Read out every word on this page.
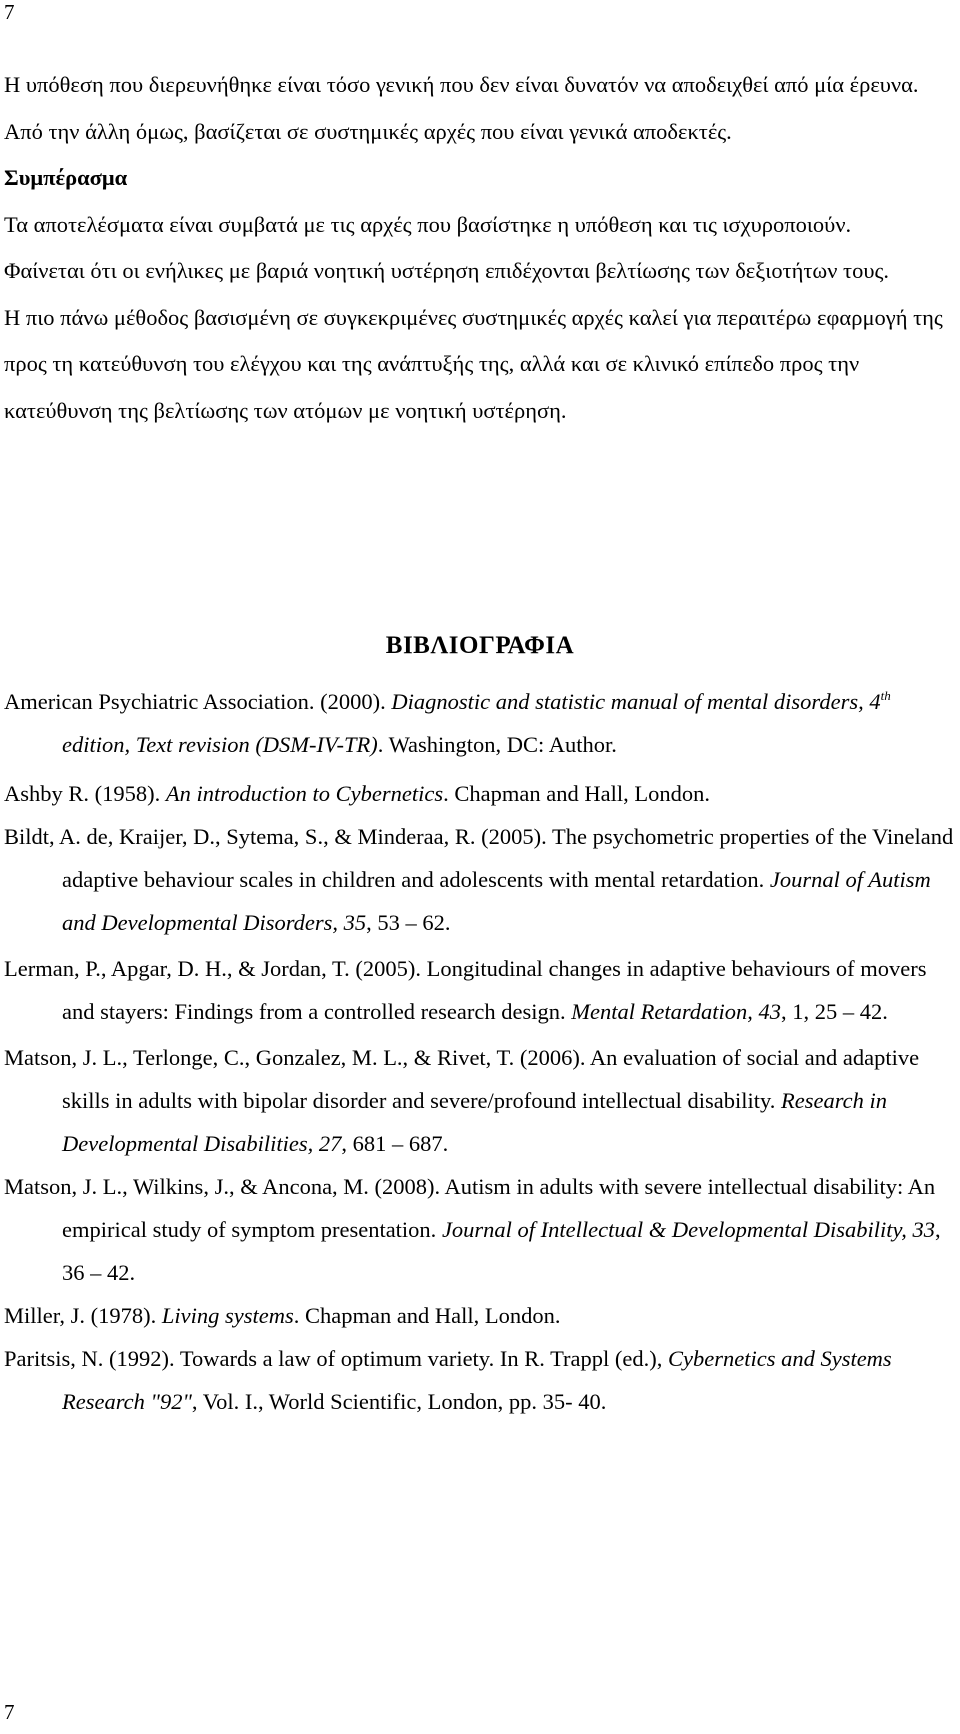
7

Η υπόθεση που διερευνήθηκε είναι τόσο γενική που δεν είναι δυνατόν να αποδειχθεί από μία έρευνα. Από την άλλη όμως, βασίζεται σε συστημικές αρχές που είναι γενικά αποδεκτές.

Συμπέρασμα

Τα αποτελέσματα είναι συμβατά με τις αρχές που βασίστηκε η υπόθεση και τις ισχυροποιούν.

Φαίνεται ότι οι ενήλικες με βαριά νοητική υστέρηση επιδέχονται βελτίωσης των δεξιοτήτων τους.

Η πιο πάνω μέθοδος βασισμένη σε συγκεκριμένες συστημικές αρχές καλεί για περαιτέρω εφαρμογή της προς τη κατεύθυνση του ελέγχου και της ανάπτυξής της, αλλά και σε κλινικό επίπεδο προς την κατεύθυνση της βελτίωσης των ατόμων με νοητική υστέρηση.

ΒΙΒΛΙΟΓΡΑΦΙΑ
American Psychiatric Association. (2000). Diagnostic and statistic manual of mental disorders, 4th edition, Text revision (DSM-IV-TR). Washington, DC: Author.
Ashby R. (1958). An introduction to Cybernetics. Chapman and Hall, London.
Bildt, A. de, Kraijer, D., Sytema, S., & Minderaa, R. (2005). The psychometric properties of the Vineland adaptive behaviour scales in children and adolescents with mental retardation. Journal of Autism and Developmental Disorders, 35, 53 – 62.
Lerman, P., Apgar, D. H., & Jordan, T. (2005). Longitudinal changes in adaptive behaviours of movers and stayers: Findings from a controlled research design. Mental Retardation, 43, 1, 25 – 42.
Matson, J. L., Terlonge, C., Gonzalez, M. L., & Rivet, T. (2006). An evaluation of social and adaptive skills in adults with bipolar disorder and severe/profound intellectual disability. Research in Developmental Disabilities, 27, 681 – 687.
Matson, J. L., Wilkins, J., & Ancona, M. (2008). Autism in adults with severe intellectual disability: An empirical study of symptom presentation. Journal of Intellectual & Developmental Disability, 33, 36 – 42.
Miller, J. (1978). Living systems. Chapman and Hall, London.
Paritsis, N. (1992). Towards a law of optimum variety. In R. Trappl (ed.), Cybernetics and Systems Research "92", Vol. I., World Scientific, London, pp. 35- 40.
7
